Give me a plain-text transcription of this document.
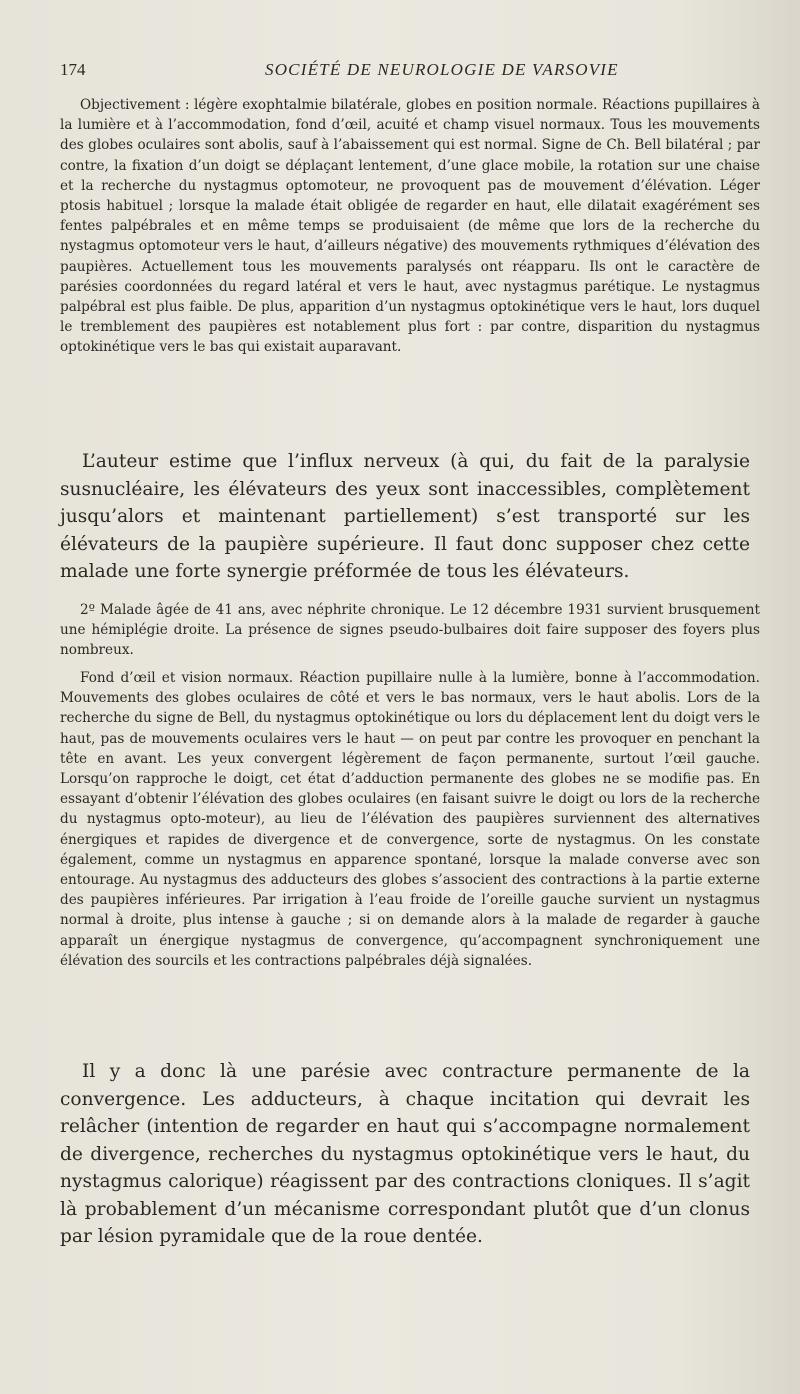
174	SOCIÉTÉ DE NEUROLOGIE DE VARSOVIE

Objectivement : légère exophtalmie bilatérale, globes en position normale. Réactions pupillaires à la lumière et à l’accommodation, fond d’œil, acuité et champ visuel normaux. Tous les mouvements des globes oculaires sont abolis, sauf à l’abaissement qui est normal. Signe de Ch. Bell bilatéral ; par contre, la fixation d’un doigt se déplaçant lentement, d’une glace mobile, la rotation sur une chaise et la recherche du nystagmus optomoteur, ne provoquent pas de mouvement d’élévation. Léger ptosis habituel ; lorsque la malade était obligée de regarder en haut, elle dilatait exagérément ses fentes palpébrales et en même temps se produisaient (de même que lors de la recherche du nystagmus optomoteur vers le haut, d’ailleurs négative) des mouvements rythmiques d’élévation des paupières. Actuellement tous les mouvements paralysés ont réapparu. Ils ont le caractère de parésies coordonnées du regard latéral et vers le haut, avec nystagmus parétique. Le nystagmus palpébral est plus faible. De plus, apparition d’un nystagmus optokinétique vers le haut, lors duquel le tremblement des paupières est notablement plus fort : par contre, disparition du nystagmus optokinétique vers le bas qui existait auparavant.

L’auteur estime que l’influx nerveux (à qui, du fait de la paralysie susnucléaire, les élévateurs des yeux sont inaccessibles, complètement jusqu’alors et maintenant partiellement) s’est transporté sur les élévateurs de la paupière supérieure. Il faut donc supposer chez cette malade une forte synergie préformée de tous les élévateurs.

2º Malade âgée de 41 ans, avec néphrite chronique. Le 12 décembre 1931 survient brusquement une hémiplégie droite. La présence de signes pseudo-bulbaires doit faire supposer des foyers plus nombreux.

Fond d’œil et vision normaux. Réaction pupillaire nulle à la lumière, bonne à l’accommodation. Mouvements des globes oculaires de côté et vers le bas normaux, vers le haut abolis. Lors de la recherche du signe de Bell, du nystagmus optokinétique ou lors du déplacement lent du doigt vers le haut, pas de mouvements oculaires vers le haut — on peut par contre les provoquer en penchant la tête en avant. Les yeux convergent légèrement de façon permanente, surtout l’œil gauche. Lorsqu’on rapproche le doigt, cet état d’adduction permanente des globes ne se modifie pas. En essayant d’obtenir l’élévation des globes oculaires (en faisant suivre le doigt ou lors de la recherche du nystagmus opto-moteur), au lieu de l’élévation des paupières surviennent des alternatives énergiques et rapides de divergence et de convergence, sorte de nystagmus. On les constate également, comme un nystagmus en apparence spontané, lorsque la malade converse avec son entourage. Au nystagmus des adducteurs des globes s’associent des contractions à la partie externe des paupières inférieures. Par irrigation à l’eau froide de l’oreille gauche survient un nystagmus normal à droite, plus intense à gauche ; si on demande alors à la malade de regarder à gauche apparaît un énergique nystagmus de convergence, qu’accompagnent synchroniquement une élévation des sourcils et les contractions palpébrales déjà signalées.

Il y a donc là une parésie avec contracture permanente de la convergence. Les adducteurs, à chaque incitation qui devrait les relâcher (intention de regarder en haut qui s’accompagne normalement de divergence, recherches du nystagmus optokinétique vers le haut, du nystagmus calorique) réagissent par des contractions cloniques. Il s’agit là probablement d’un mécanisme correspondant plutôt que d’un clonus par lésion pyramidale que de la roue dentée.
